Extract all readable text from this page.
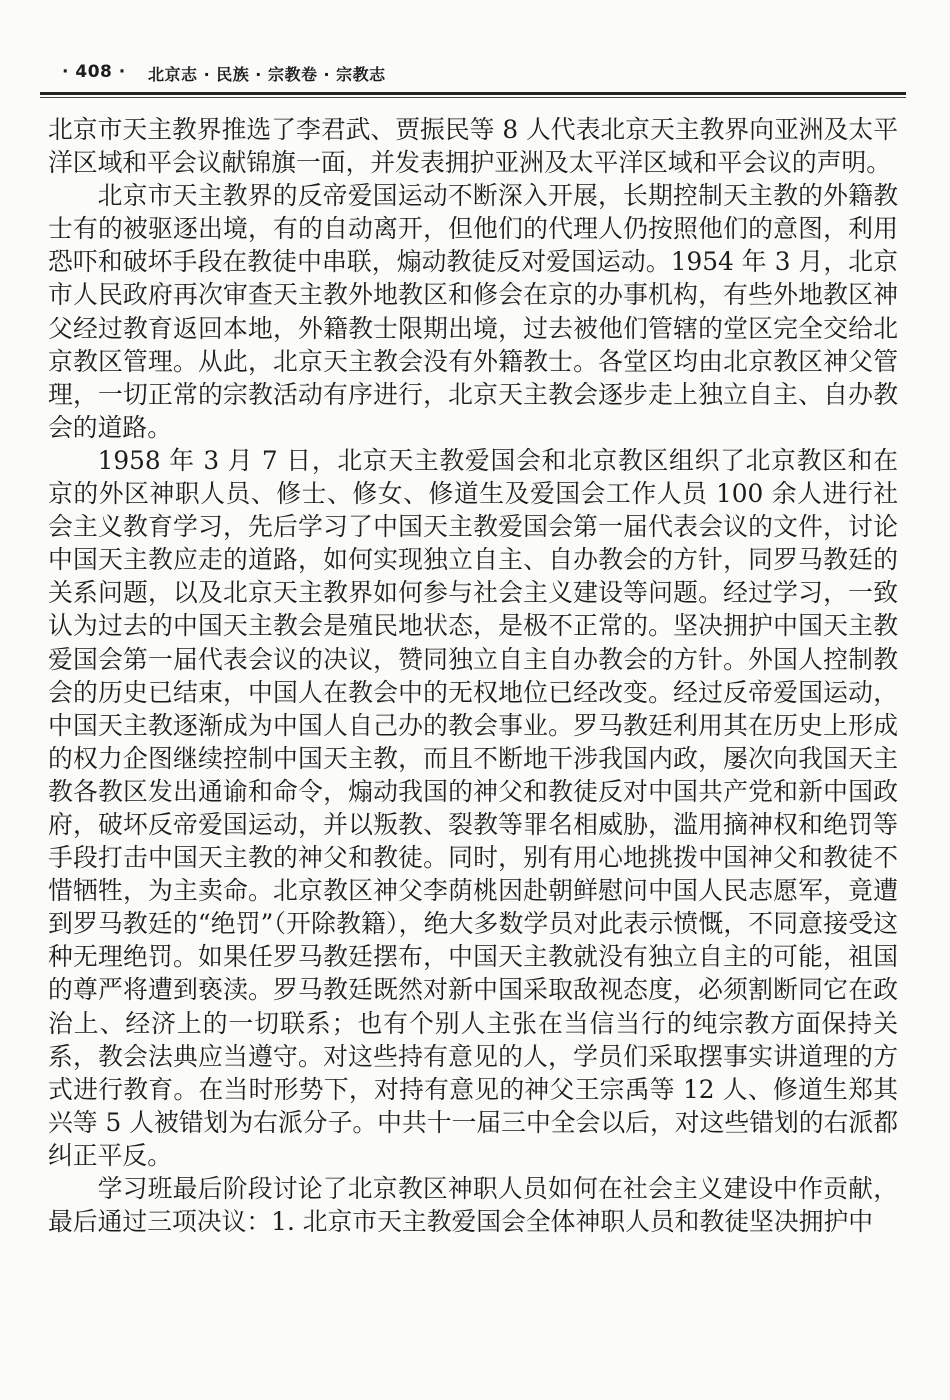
· 408 · 北京志 · 民族 · 宗教卷 · 宗教志

北京市天主教界推选了李君武、贾振民等 8 人代表北京天主教界向亚洲及太平洋区域和平会议献锦旗一面，并发表拥护亚洲及太平洋区域和平会议的声明。

北京市天主教界的反帝爱国运动不断深入开展，长期控制天主教的外籍教士有的被驱逐出境，有的自动离开，但他们的代理人仍按照他们的意图，利用恐吓和破坏手段在教徒中串联，煽动教徒反对爱国运动。1954 年 3 月，北京市人民政府再次审查天主教外地教区和修会在京的办事机构，有些外地教区神父经过教育返回本地，外籍教士限期出境，过去被他们管辖的堂区完全交给北京教区管理。从此，北京天主教会没有外籍教士。各堂区均由北京教区神父管理，一切正常的宗教活动有序进行，北京天主教会逐步走上独立自主、自办教会的道路。

1958 年 3 月 7 日，北京天主教爱国会和北京教区组织了北京教区和在京的外区神职人员、修士、修女、修道生及爱国会工作人员 100 余人进行社会主义教育学习，先后学习了中国天主教爱国会第一届代表会议的文件，讨论中国天主教应走的道路，如何实现独立自主、自办教会的方针，同罗马教廷的关系问题，以及北京天主教界如何参与社会主义建设等问题。经过学习，一致认为过去的中国天主教会是殖民地状态，是极不正常的。坚决拥护中国天主教爱国会第一届代表会议的决议，赞同独立自主自办教会的方针。外国人控制教会的历史已结束，中国人在教会中的无权地位已经改变。经过反帝爱国运动，中国天主教逐渐成为中国人自己办的教会事业。罗马教廷利用其在历史上形成的权力企图继续控制中国天主教，而且不断地干涉我国内政，屡次向我国天主教各教区发出通谕和命令，煽动我国的神父和教徒反对中国共产党和新中国政府，破坏反帝爱国运动，并以叛教、裂教等罪名相威胁，滥用摘神权和绝罚等手段打击中国天主教的神父和教徒。同时，别有用心地挑拨中国神父和教徒不惜牺牲，为主卖命。北京教区神父李荫桃因赴朝鲜慰问中国人民志愿军，竟遭到罗马教廷的“绝罚”（开除教籍），绝大多数学员对此表示愤慨，不同意接受这种无理绝罚。如果任罗马教廷摆布，中国天主教就没有独立自主的可能，祖国的尊严将遭到亵渎。罗马教廷既然对新中国采取敌视态度，必须割断同它在政治上、经济上的一切联系；也有个别人主张在当信当行的纯宗教方面保持关系，教会法典应当遵守。对这些持有意见的人，学员们采取摆事实讲道理的方式进行教育。在当时形势下，对持有意见的神父王宗禹等 12 人、修道生郑其兴等 5 人被错划为右派分子。中共十一届三中全会以后，对这些错划的右派都纠正平反。

学习班最后阶段讨论了北京教区神职人员如何在社会主义建设中作贡献，最后通过三项决议：1. 北京市天主教爱国会全体神职人员和教徒坚决拥护中
